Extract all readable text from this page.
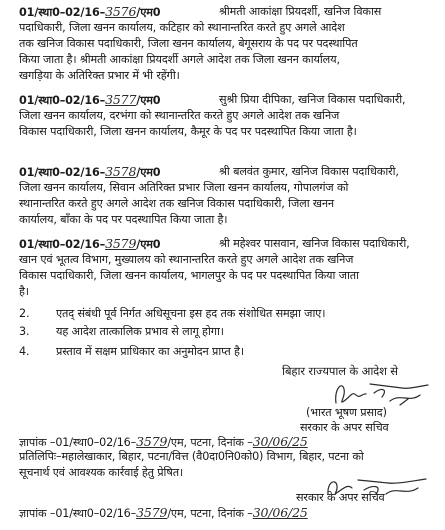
01/स्था0–02/16–3576/एम0	श्रीमती आकांक्षा प्रियदर्शी, खनिज विकास
पदाधिकारी, जिला खनन कार्यालय, कटिहार को स्थानान्तरित करते हुए अगले आदेश
तक खनिज विकास पदाधिकारी, जिला खनन कार्यालय, बेगूसराय के पद पर पदस्थापित
किया जाता है। श्रीमती आकांक्षा प्रियदर्शी अगले आदेश तक जिला खनन कार्यालय,
खगड़िया के अतिरिक्त प्रभार में भी रहेंगी।
01/स्था0–02/16–3577/एम0	सुश्री प्रिया दीपिका, खनिज विकास पदाधिकारी,
जिला खनन कार्यालय, दरभंगा को स्थानान्तरित करते हुए अगले आदेश तक खनिज
विकास पदाधिकारी, जिला खनन कार्यालय, कैमूर के पद पर पदस्थापित किया जाता है।
01/स्था0–02/16–3578/एम0	श्री बलवंत कुमार, खनिज विकास पदाधिकारी,
जिला खनन कार्यालय, सिवान अतिरिक्त प्रभार जिला खनन कार्यालय, गोपालगंज को
स्थानान्तरित करते हुए अगले आदेश तक खनिज विकास पदाधिकारी, जिला खनन
कार्यालय, बाँका के पद पर पदस्थापित किया जाता है।
01/स्था0–02/16–3579/एम0	श्री महेश्वर पासवान, खनिज विकास पदाधिकारी,
खान एवं भूतत्व विभाग, मुख्यालय को स्थानान्तरित करते हुए अगले आदेश तक खनिज
विकास पदाधिकारी, जिला खनन कार्यालय, भागलपुर के पद पर पदस्थापित किया जाता
है।
2. एतद् संबंधी पूर्व निर्गत अधिसूचना इस हद तक संशोधित समझा जाए।
3. यह आदेश तात्कालिक प्रभाव से लागू होगा।
4. प्रस्ताव में सक्षम प्राधिकार का अनुमोदन प्राप्त है।
बिहार राज्यपाल के आदेश से
(भारत भूषण प्रसाद)
सरकार के अपर सचिव
ज्ञापांक –01/स्था0–02/16–3579/एम, पटना, दिनांक –30/06/25
प्रतिलिपिः–महालेखाकार, बिहार, पटना/वित्त (वै0दा0नि0को0) विभाग, बिहार, पटना को
सूचनार्थ एवं आवश्यक कार्रवाई हेतु प्रेषित।
सरकार के अपर सचिव
ज्ञापांक –01/स्था0–02/16–3579/एम, पटना, दिनांक –30/06/25
